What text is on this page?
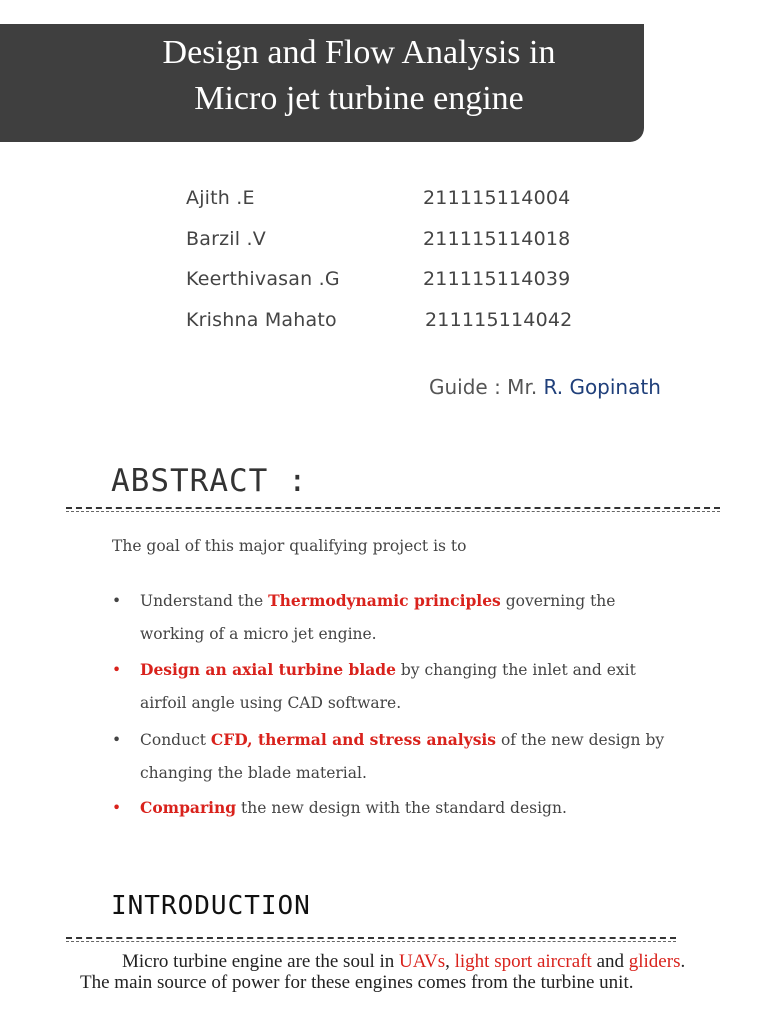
Design and Flow Analysis in
Micro jet turbine engine
Ajith .E	211115114004
Barzil .V	211115114018
Keerthivasan .G	211115114039
Krishna Mahato	211115114042
Guide : Mr. R. Gopinath
ABSTRACT :
The goal of this major qualifying project is to
• Understand the Thermodynamic principles governing the
working of a micro jet engine.
• Design an axial turbine blade by changing the inlet and exit
airfoil angle using CAD software.
• Conduct CFD, thermal and stress analysis of the new design by
changing the blade material.
• Comparing the new design with the standard design.
INTRODUCTION
Micro turbine engine are the soul in UAVs, light sport aircraft and gliders. The main source of power for these engines comes from the turbine unit.
